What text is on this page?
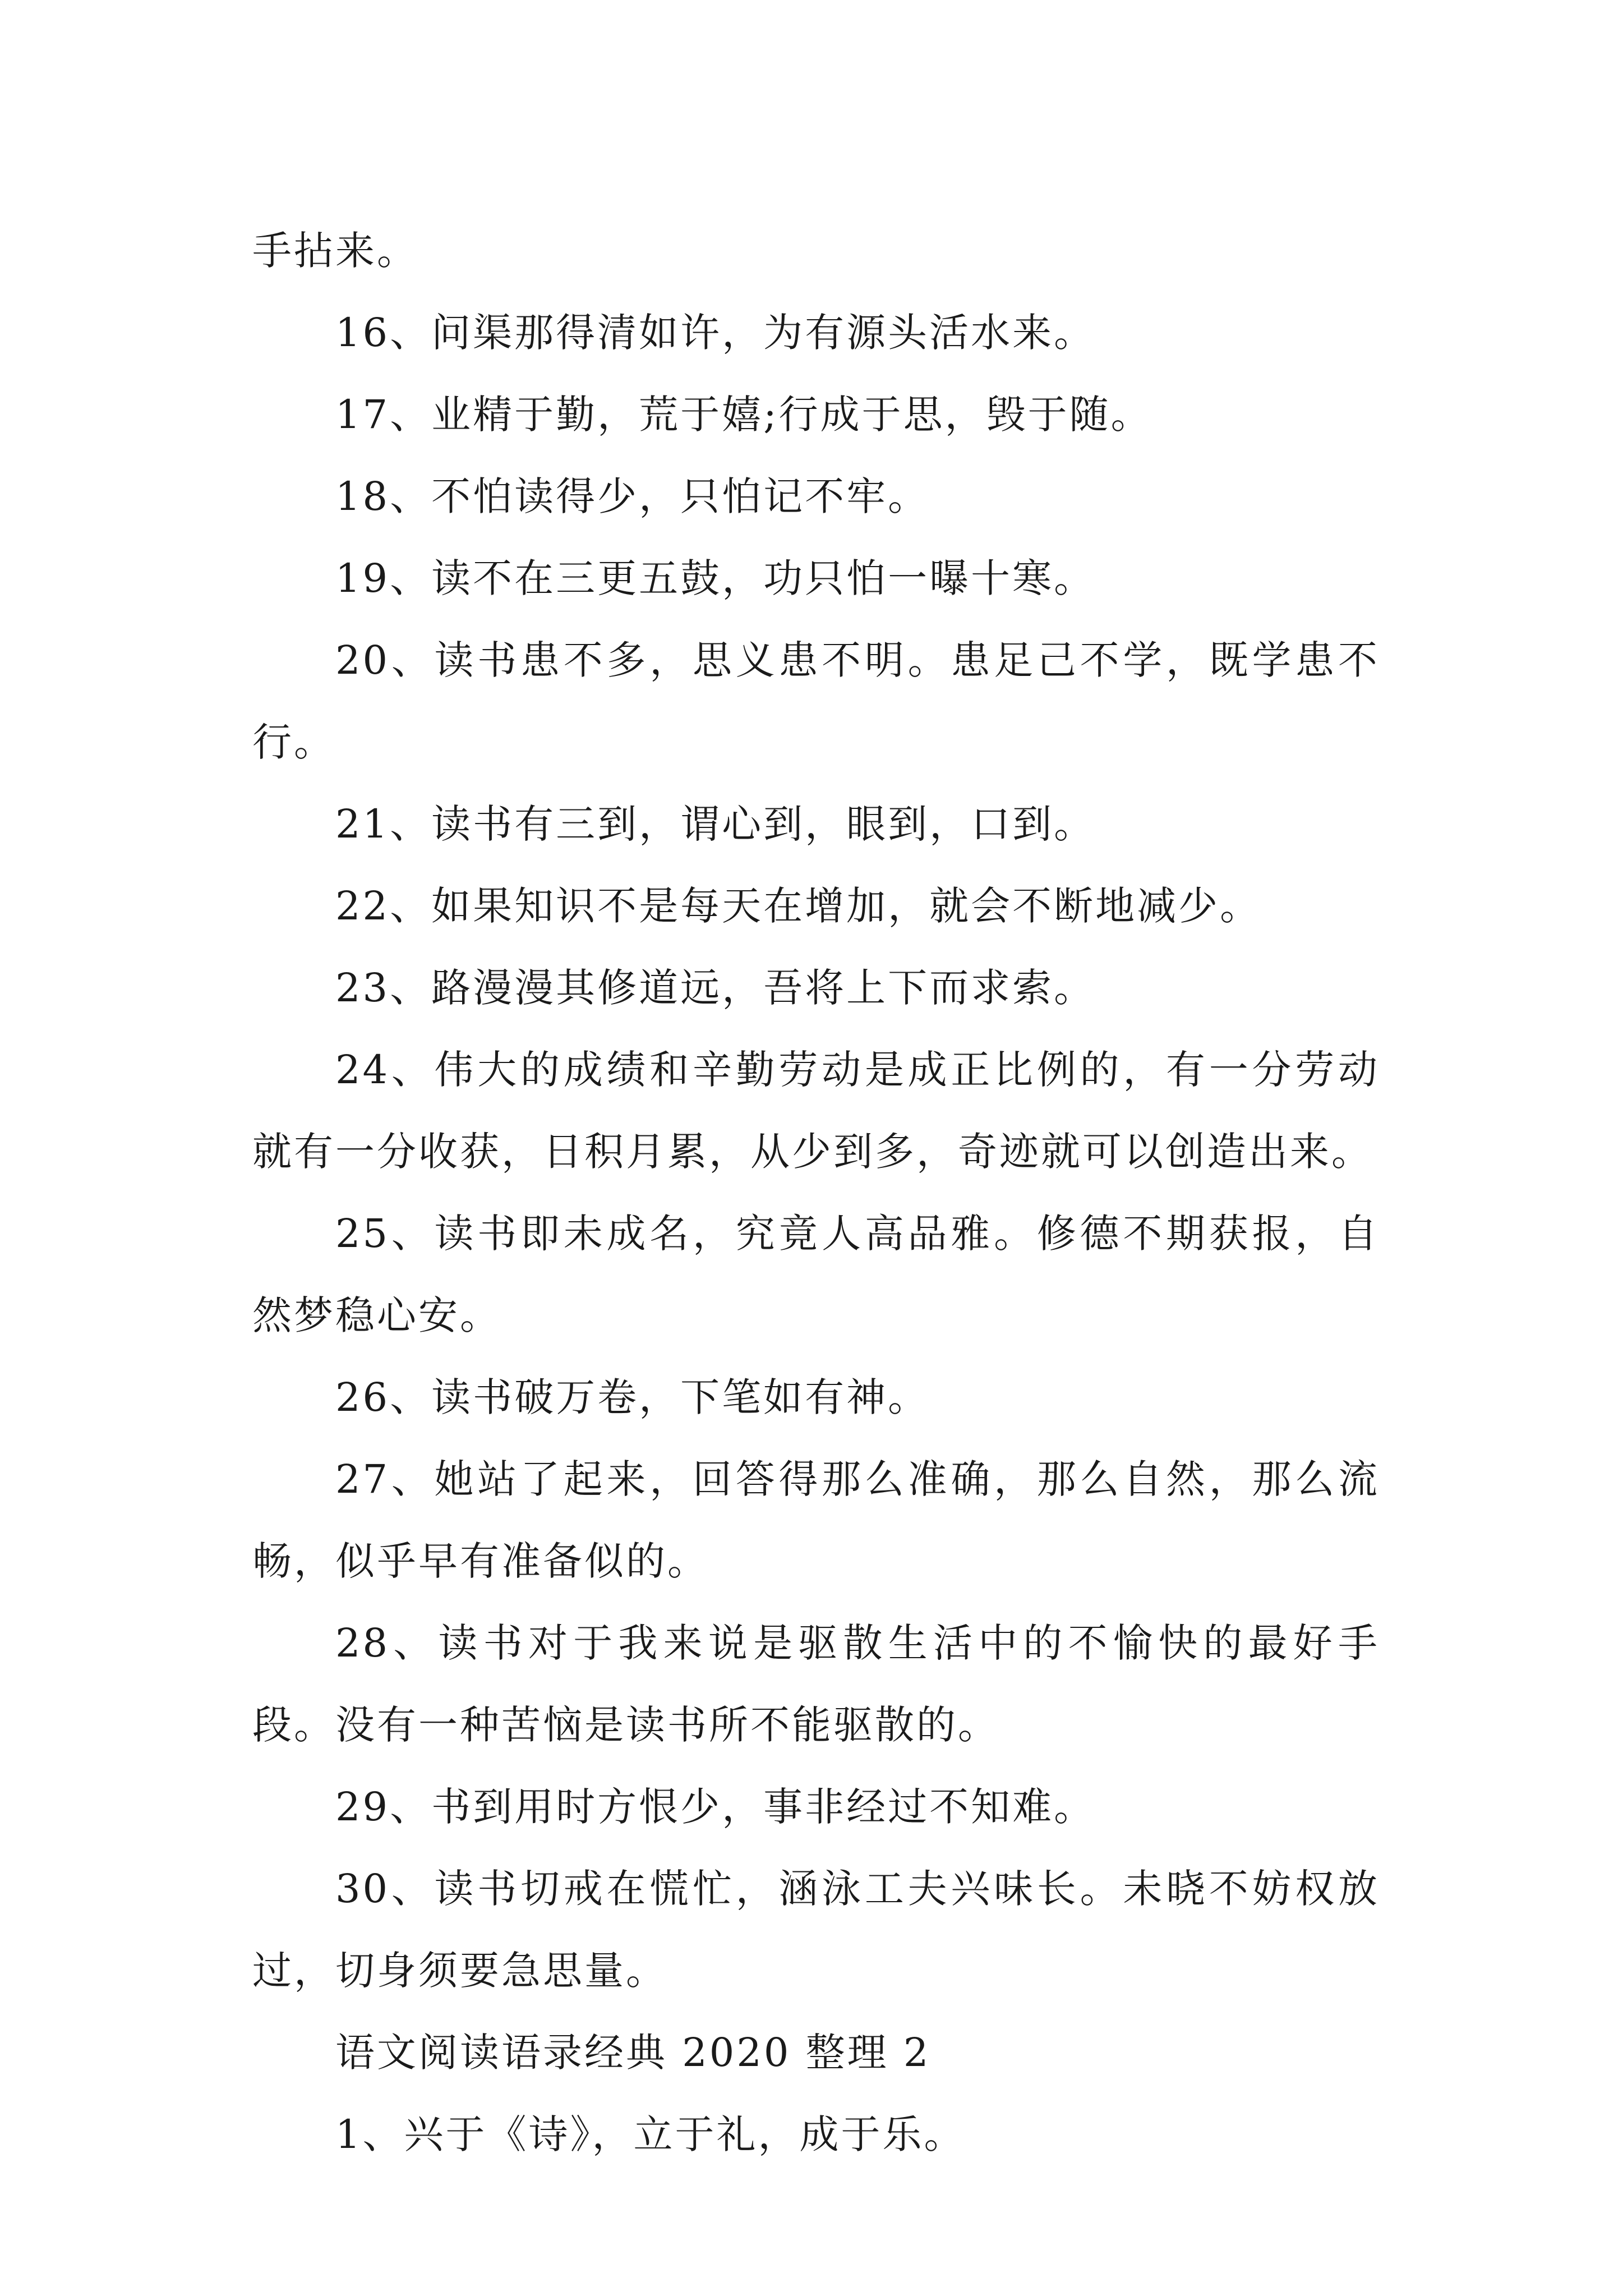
手拈来。

16、问渠那得清如许，为有源头活水来。

17、业精于勤，荒于嬉;行成于思，毁于随。

18、不怕读得少，只怕记不牢。

19、读不在三更五鼓，功只怕一曝十寒。

20、读书患不多，思义患不明。患足己不学，既学患不行。

21、读书有三到，谓心到，眼到，口到。

22、如果知识不是每天在增加，就会不断地减少。

23、路漫漫其修道远，吾将上下而求索。

24、伟大的成绩和辛勤劳动是成正比例的，有一分劳动就有一分收获，日积月累，从少到多，奇迹就可以创造出来。

25、读书即未成名，究竟人高品雅。修德不期获报，自然梦稳心安。

26、读书破万卷，下笔如有神。

27、她站了起来，回答得那么准确，那么自然，那么流畅，似乎早有准备似的。

28、读书对于我来说是驱散生活中的不愉快的最好手段。没有一种苦恼是读书所不能驱散的。

29、书到用时方恨少，事非经过不知难。

30、读书切戒在慌忙，涵泳工夫兴味长。未晓不妨权放过，切身须要急思量。

语文阅读语录经典 2020 整理 2

1、兴于《诗》，立于礼，成于乐。
